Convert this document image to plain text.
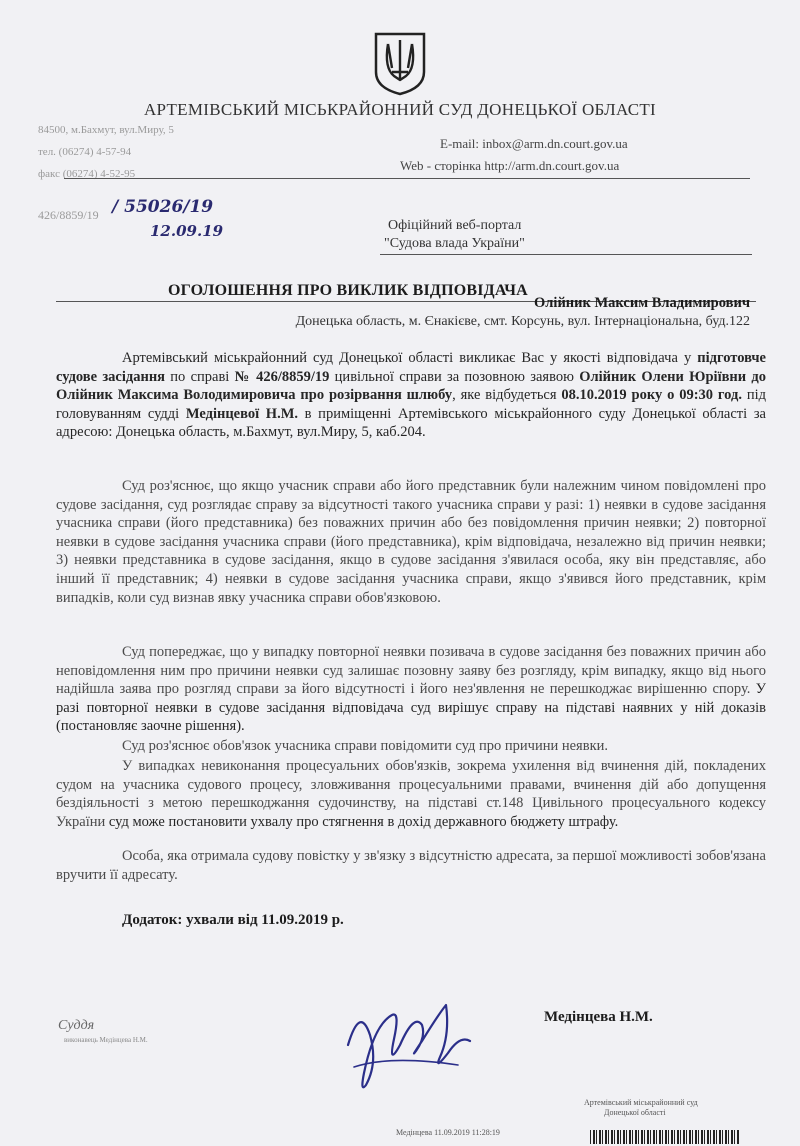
АРТЕМІВСЬКИЙ МІСЬКРАЙОННИЙ СУД ДОНЕЦЬКОЇ ОБЛАСТІ
84500, м.Бахмут, вул.Миру, 5
тел. (06274) 4-57-94
факс (06274) 4-52-95
E-mail: inbox@arm.dn.court.gov.ua
Web - сторінка http://arm.dn.court.gov.ua
426/8859/19 / 55026/19
12.09.19	Офіційний веб-портал
"Судова влада України"
ОГОЛОШЕННЯ ПРО ВИКЛИК ВІДПОВІДАЧА
Олійник Максим Владимирович
Донецька область, м. Єнакієве, смт. Корсунь, вул. Інтернаціональна, буд.122
Артемівський міськрайонний суд Донецької області викликає Вас у якості відповідача у підготовче судове засідання по справі № 426/8859/19 цивільної справи за позовною заявою Олійник Олени Юріївни до Олійник Максима Володимировича про розірвання шлюбу, яке відбудеться 08.10.2019 року о 09:30 год. під головуванням судді Медінцевої Н.М. в приміщенні Артемівського міськрайонного суду Донецької області за адресою: Донецька область, м.Бахмут, вул.Миру, 5, каб.204.
Суд роз'яснює, що якщо учасник справи або його представник були належним чином повідомлені про судове засідання, суд розглядає справу за відсутності такого учасника справи у разі: 1) неявки в судове засідання учасника справи (його представника) без поважних причин або без повідомлення причин неявки; 2) повторної неявки в судове засідання учасника справи (його представника), крім відповідача, незалежно від причин неявки; 3) неявки представника в судове засідання, якщо в судове засідання з'явилася особа, яку він представляє, або інший її представник; 4) неявки в судове засідання учасника справи, якщо з'явився його представник, крім випадків, коли суд визнав явку учасника справи обов'язковою.
Суд попереджає, що у випадку повторної неявки позивача в судове засідання без поважних причин або неповідомлення ним про причини неявки суд залишає позовну заяву без розгляду, крім випадку, якщо від нього надійшла заява про розгляд справи за його відсутності і його нез'явлення не перешкоджає вирішенню спору. У разі повторної неявки в судове засідання відповідача суд вирішує справу на підставі наявних у ній доказів (постановляє заочне рішення).
Суд роз'яснює обов'язок учасника справи повідомити суд про причини неявки.
У випадках невиконання процесуальних обов'язків, зокрема ухилення від вчинення дій, покладених судом на учасника судового процесу, зловживання процесуальними правами, вчинення дій або допущення бездіяльності з метою перешкоджання судочинству, на підставі ст.148 Цивільного процесуального кодексу України суд може постановити ухвалу про стягнення в дохід державного бюджету штрафу.
Особа, яка отримала судову повістку у зв'язку з відсутністю адресата, за першої можливості зобов'язана вручити її адресату.
Додаток: ухвали від 11.09.2019 р.
Суддя
виконавець Медінцева Н.М.
Медінцева Н.М.
Артемівський міськрайонний суд
Донецької області
Медінцева 11.09.2019 11:28:19
